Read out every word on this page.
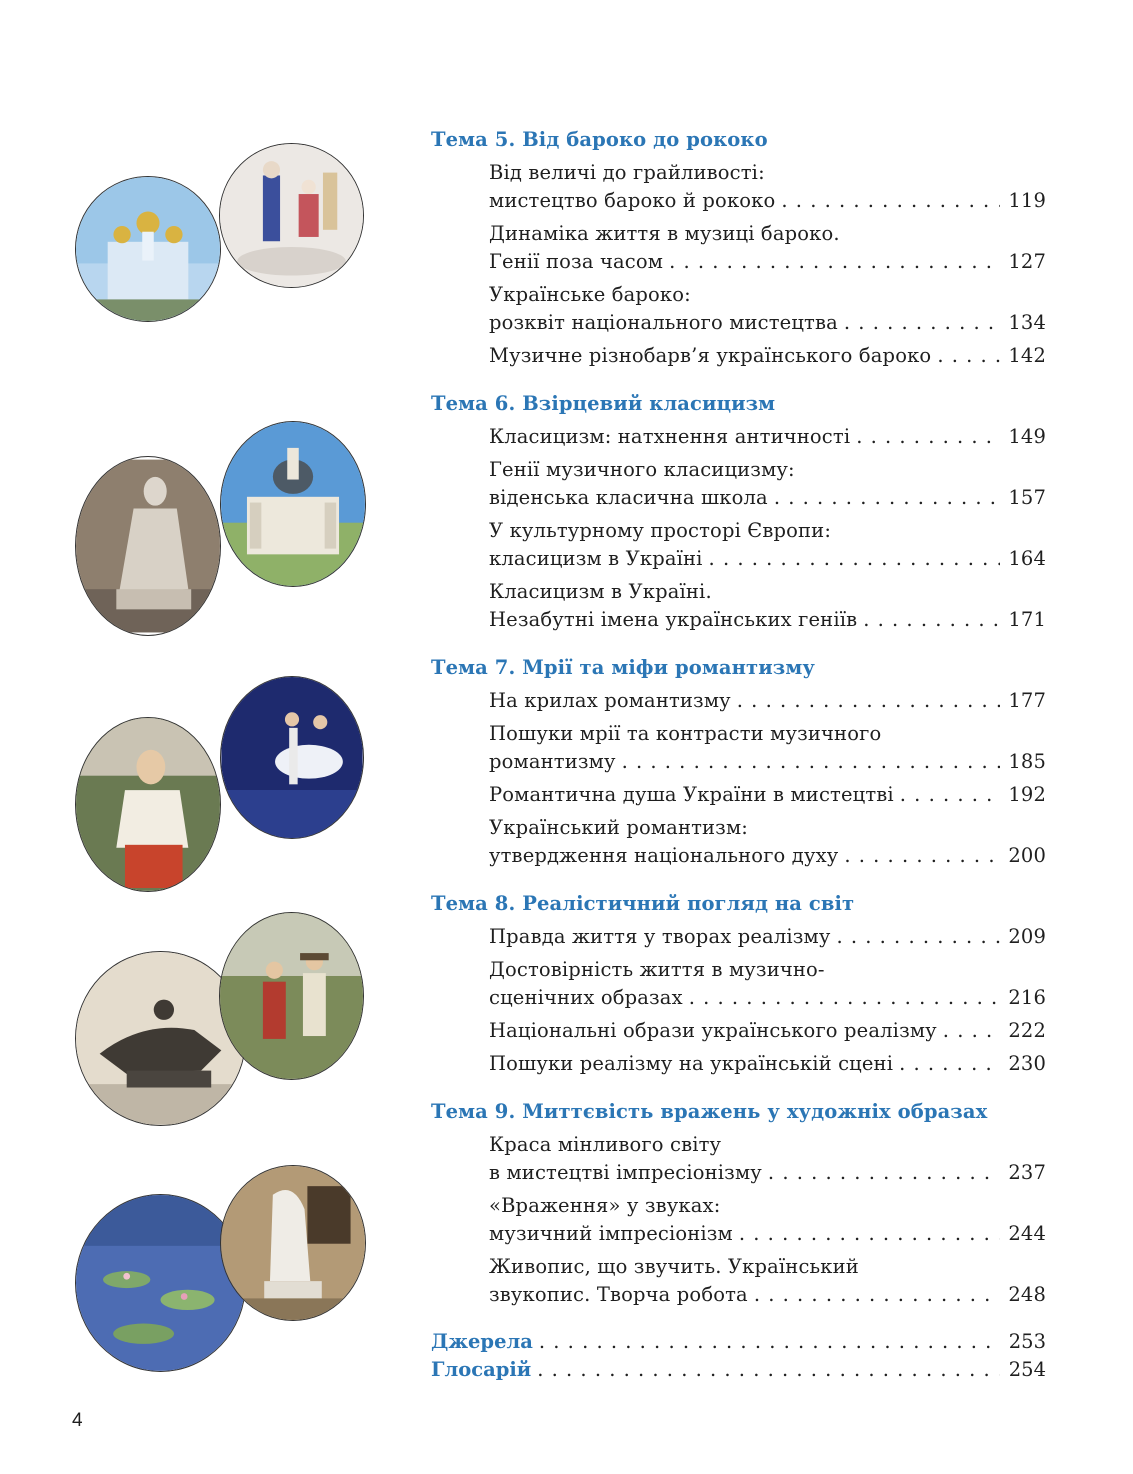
Тема 5. Від бароко до рококо
Від величі до грайливості:
мистецтво бароко й рококо . . .	119
Динаміка життя в музиці бароко.
Генії поза часом . . .	127
Українське бароко:
розквіт національного мистецтва . . .	134
Музичне різнобарв’я українського бароко . . .	142
Тема 6. Взірцевий класицизм
Класицизм: натхнення античності . . .	149
Генії музичного класицизму:
віденська класична школа . . .	157
У культурному просторі Європи:
класицизм в Україні . . .	164
Класицизм в Україні.
Незабутні імена українських геніїв . . .	171
Тема 7. Мрії та міфи романтизму
На крилах романтизму . . .	177
Пошуки мрії та контрасти музичного
романтизму . . .	185
Романтична душа України в мистецтві . . .	192
Український романтизм:
утвердження національного духу . . .	200
Тема 8. Реалістичний погляд на світ
Правда життя у творах реалізму . . .	209
Достовірність життя в музично-
сценічних образах . . .	216
Національні образи українського реалізму . . .	222
Пошуки реалізму на українській сцені . . .	230
Тема 9. Миттєвість вражень у художніх образах
Краса мінливого світу
в мистецтві імпресіонізму . . .	237
«Враження» у звуках:
музичний імпресіонізм . . .	244
Живопис, що звучить. Український
звукопис. Творча робота . . .	248
Джерела . . .	253
Глосарій . . .	254
4
